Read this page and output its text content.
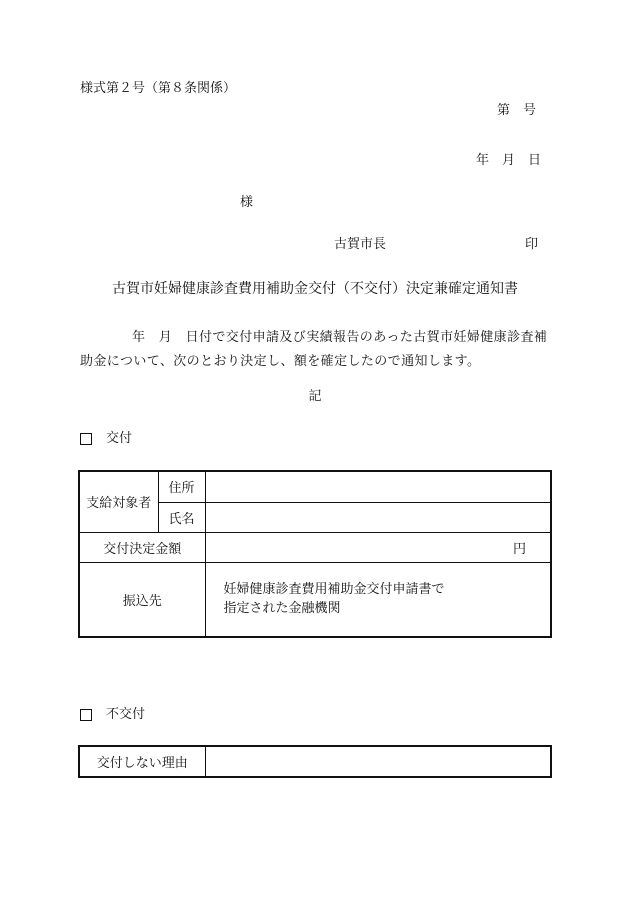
様式第２号（第８条関係）
第　号
年　月　日
様
古賀市長	印
古賀市妊婦健康診査費用補助金交付（不交付）決定兼確定通知書
年　月　日付で交付申請及び実績報告のあった古賀市妊婦健康診査補助金について、次のとおり決定し、額を確定したので通知します。
記
交付
支給対象者	住所	
	氏名	
交付決定金額		円
振込先		妊婦健康診査費用補助金交付申請書で
指定された金融機関
不交付
交付しない理由	
